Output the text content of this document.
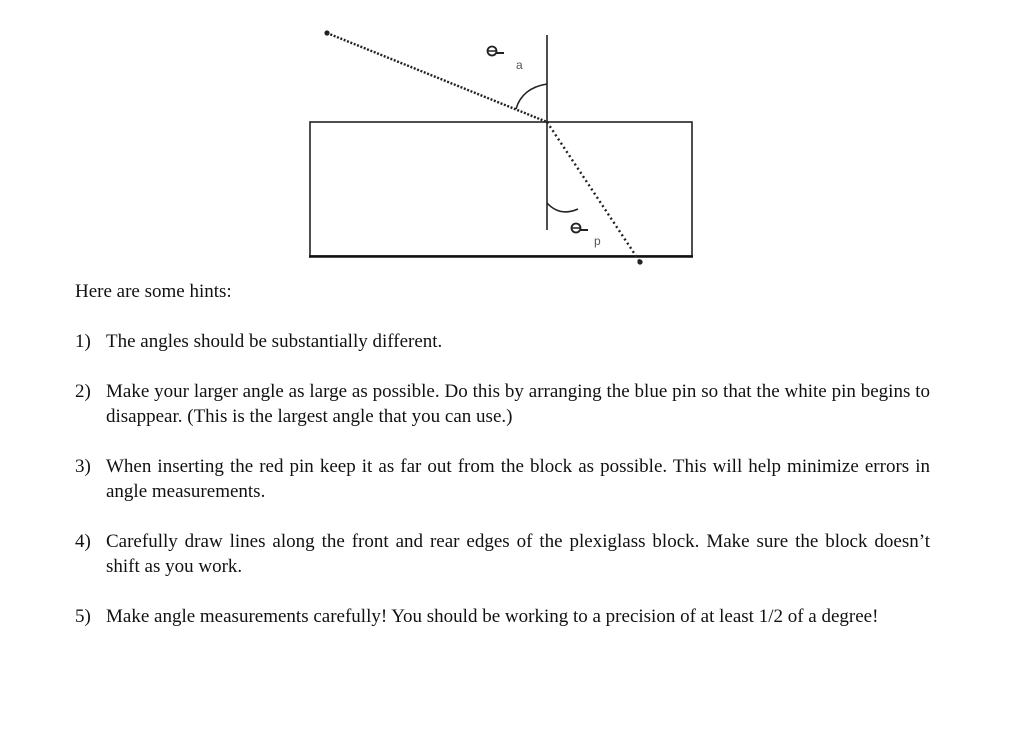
a
p

Here are some hints:

1) The angles should be substantially different.
2) Make your larger angle as large as possible. Do this by arranging the blue pin so that the white pin begins to disappear. (This is the largest angle that you can use.)
3) When inserting the red pin keep it as far out from the block as possible. This will help minimize errors in angle measurements.
4) Carefully draw lines along the front and rear edges of the plexiglass block. Make sure the block doesn’t shift as you work.
5) Make angle measurements carefully! You should be working to a precision of at least 1/2 of a degree!
